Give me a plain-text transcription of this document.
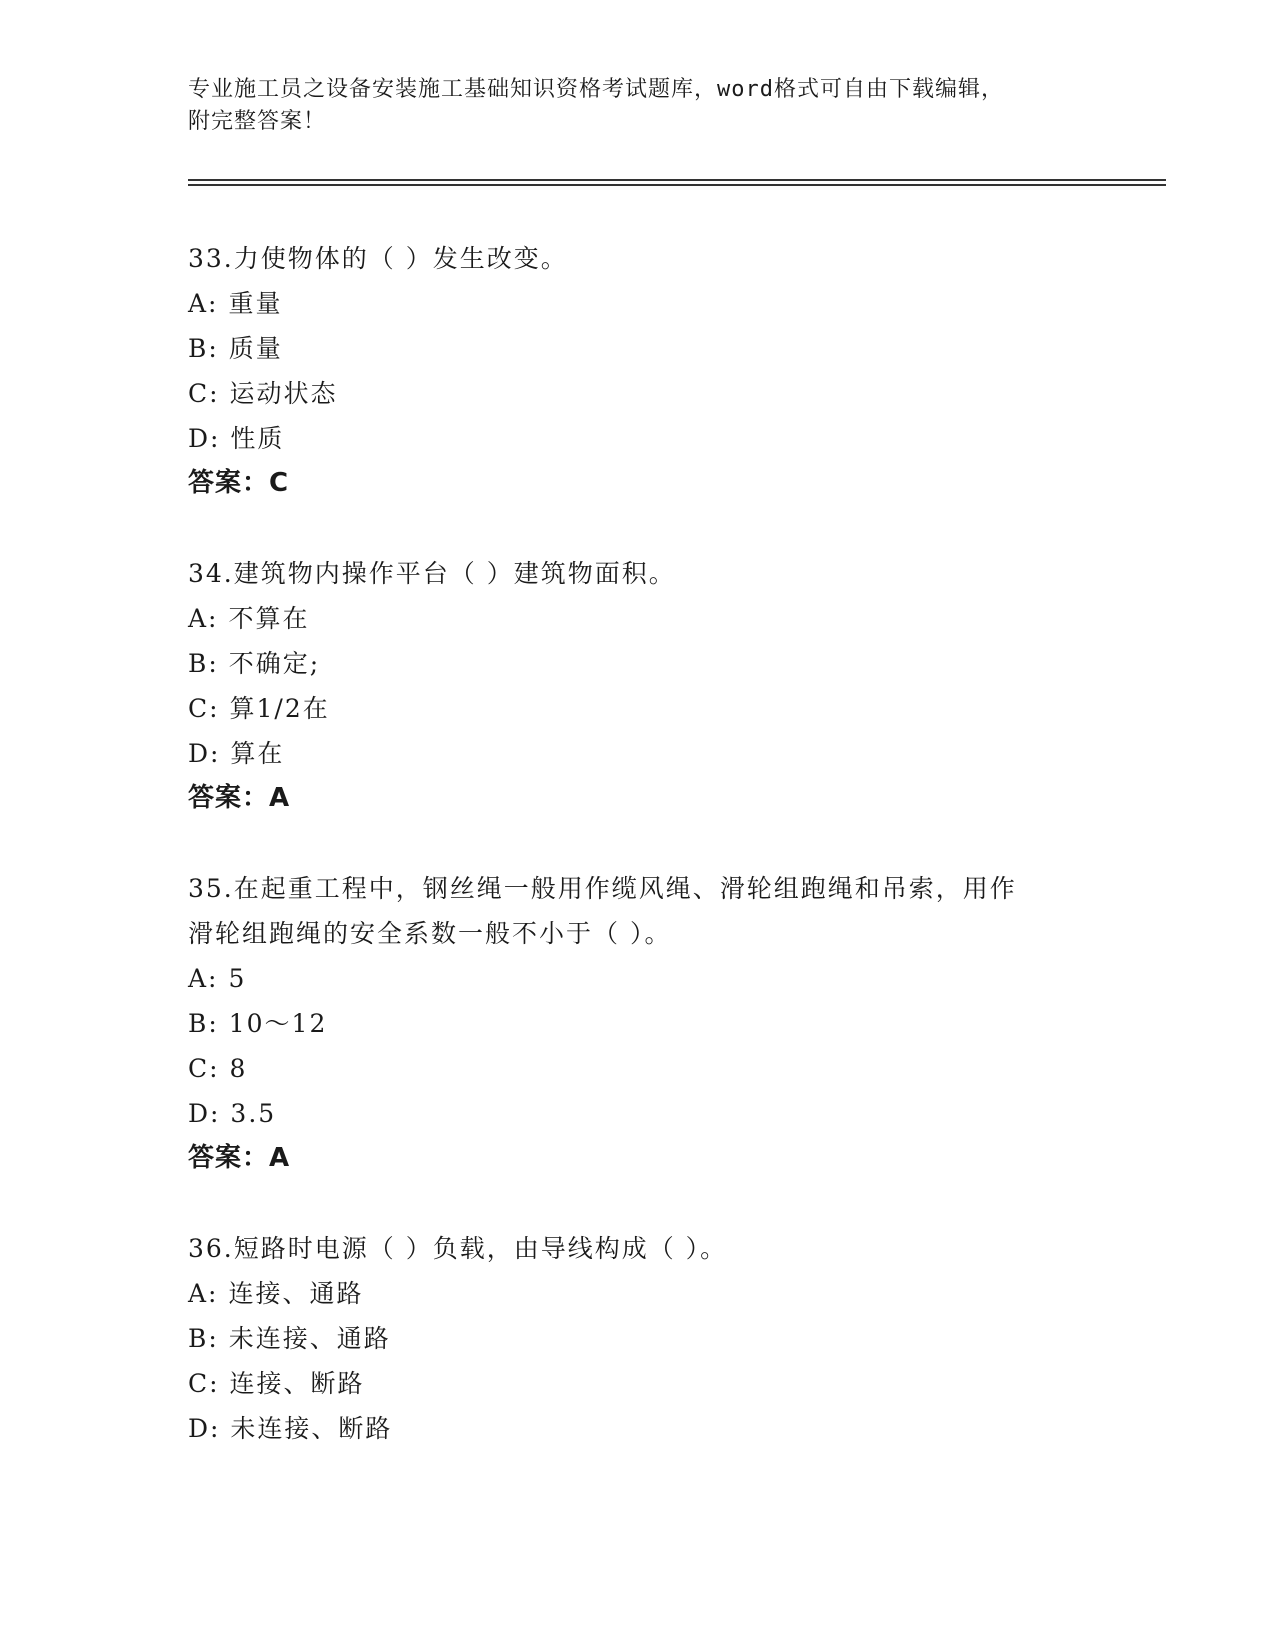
专业施工员之设备安装施工基础知识资格考试题库，word格式可自由下载编辑，
附完整答案！
33.力使物体的（ ）发生改变。
A: 重量
B: 质量
C: 运动状态
D: 性质
答案：C
34.建筑物内操作平台（ ）建筑物面积。
A: 不算在
B: 不确定;
C: 算1/2在
D: 算在
答案：A
35.在起重工程中，钢丝绳一般用作缆风绳、滑轮组跑绳和吊索，用作
滑轮组跑绳的安全系数一般不小于（ ）。
A: 5
B: 10～12
C: 8
D: 3.5
答案：A
36.短路时电源（ ）负载，由导线构成（ ）。
A: 连接、通路
B: 未连接、通路
C: 连接、断路
D: 未连接、断路
